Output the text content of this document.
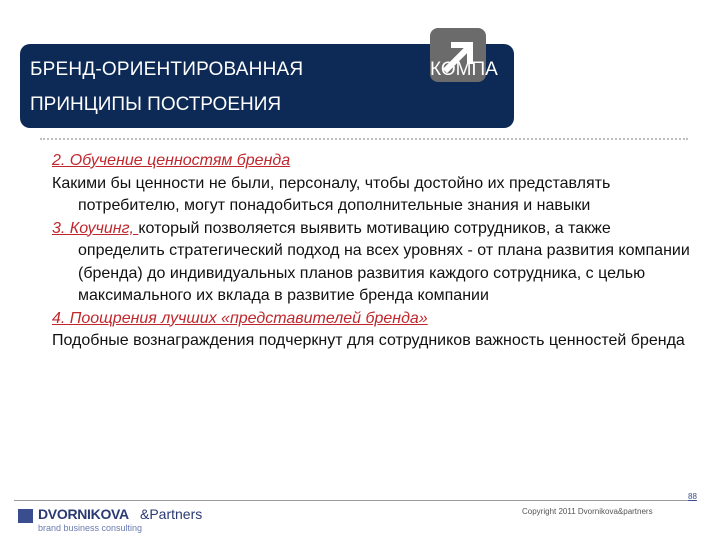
БРЕНД-ОРИЕНТИРОВАННАЯ	КОМПА
ПРИНЦИПЫ ПОСТРОЕНИЯ

2. Обучение ценностям бренда

Какими бы ценности не были, персоналу, чтобы достойно их представлять потребителю, могут понадобиться дополнительные знания и навыки

3. Коучинг, который позволяется выявить мотивацию сотрудников, а также определить стратегический подход на всех уровнях - от плана развития компании (бренда) до индивидуальных планов развития каждого сотрудника, с целью максимального их вклада в развитие бренда компании

4. Поощрения лучших «представителей бренда»

Подобные вознаграждения подчеркнут для сотрудников важность ценностей бренда

DVORNIKOVA &Partners
brand business consulting
Copyright 2011 Dvornikova&partners
88
